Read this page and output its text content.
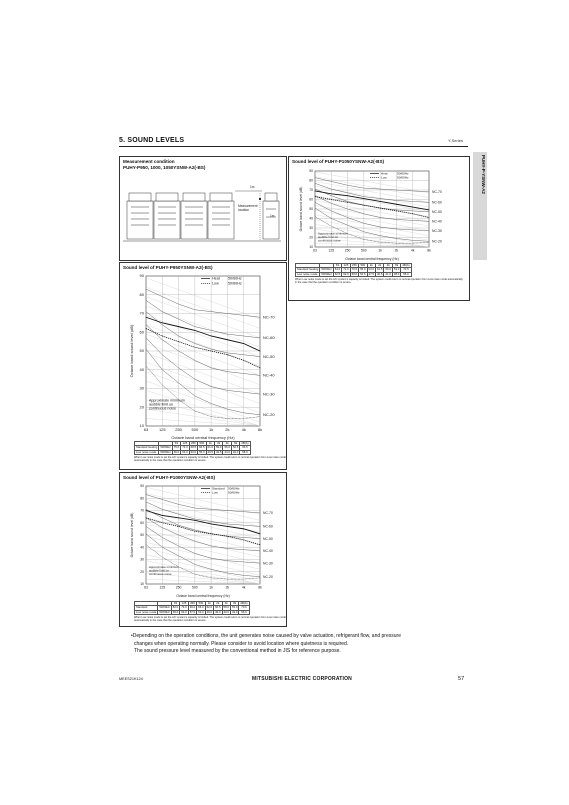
5. SOUND LEVELS	Y-Series
PUHY-P-YSNW-A2
Measurement condition
PUHY-P950, 1000, 1050YSNW-A2(-BS)
1m
1m
Measurement location
Sound level of PUHY-P1050YSNW-A2(-BS)
10
20
30
40
50
60
70
80
90
63	125	250	500	1k	2k	4k	8k
NC-70
NC-60
NC-50
NC-40
NC-30
NC-20
Approximate minimum audible limit on continuous noise
Heat	50/60Hz
Low	50/60Hz
Octave band central frequency (Hz)
Octave band sound level (dB)
		63	125	250	500	1k	2k	4k	8k	dB(A)
Standard heating	50/60Hz	64.0	72.0	70.5	65.0	63.0	61.5	59.0	53.0	70.5
Low noise mode	50/60Hz	62.5	62.0	58.0	52.5	47.5	40.5	41.0	38.0	55.0
When Low noise mode is set the A/C system's capacity is limited. The system could return to normal operation from Low noise mode automatically in the case that the operation condition is severe.
Sound level of PUHY-P950YSNW-A2(-BS)
10
20
30
40
50
60
70
80
90
63	125 250 500	1k	2k	4k	8k
NC-70
NC-60
NC-50
NC-40
NC-30
NC-20
Approximate minimum audible limit on continuous noise
Heat 50/60Hz
Low 50/60Hz
Octave band central frequency (Hz)
Octave band sound level (dB)
		63	125	250	500	1k	2k	4k	8k	dB(A)
Standard heating	50/60Hz	75.0	73.0	68.5	66.5	61.0	59.0	56.0	50.5	66.5
Low noise mode	50/60Hz	66.0	63.0	60.0	55.0	49.5	43.5	44.0	40.0	58.0
When Low noise mode is set the A/C system's capacity is limited. The system could return to normal operation from Low noise mode automatically in the case that the operation condition is severe.
Sound level of PUHY-P1000YSNW-A2(-BS)
10
20
30
40
50
60
70
80
90
63	125	250	500	1k	2k	4k	8k
NC-70
NC-60
NC-50
NC-40
NC-30
NC-20
Approximate minimum audible limit on continuous noise
Standard 50/60Hz
Low	50/60Hz
Octave band central frequency (Hz)
Octave band sound level (dB)
		63	125	250	500	1k	2k	4k	8k	dB(A)
Standard	50/60Hz	82.0	73.0	69.0	66.0	62.0	60.5	58.0	53.0	70.0
Low noise mode	50/60Hz	65.0	63.0	57.0	53.0	49.0	46.0	40.0	43.0	56.0
When Low noise mode is set the A/C system's capacity is limited. The system could return to normal operation from Low noise mode automatically in the case that the operation condition is severe.
•Depending on the operation conditions, the unit generates noise caused by valve actuation, refrigerant flow, and pressure
changes when operating normally. Please consider to avoid location where quietness is required.
The sound pressure level measured by the conventional method in JIS for reference purpose.
MEES21K124	MITSUBISHI ELECTRIC CORPORATION	57
